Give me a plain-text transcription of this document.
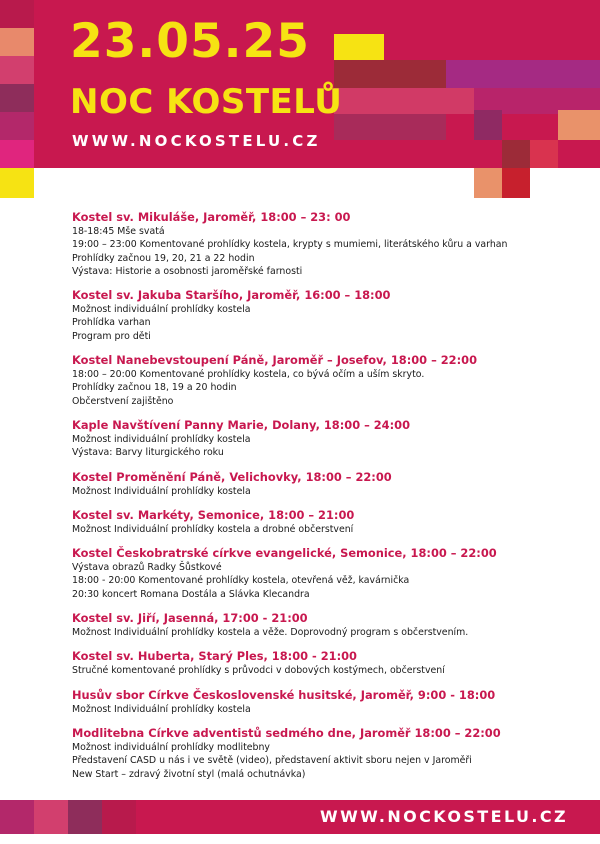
23.05.25
NOC KOSTELŮ
WWW.NOCKOSTELU.CZ
Kostel sv. Mikuláše, Jaroměř, 18:00 – 23: 00
18-18:45 Mše svatá
19:00 – 23:00 Komentované prohlídky kostela, krypty s mumiemi, literátského kůru a varhan
Prohlídky začnou 19, 20, 21 a 22 hodin
Výstava: Historie a osobnosti jaroměřské farnosti
Kostel sv. Jakuba Staršího, Jaroměř, 16:00 – 18:00
Možnost individuální prohlídky kostela
Prohlídka varhan
Program pro děti
Kostel Nanebevstoupení Páně, Jaroměř – Josefov, 18:00 – 22:00
18:00 – 20:00 Komentované prohlídky kostela, co bývá očím a uším skryto.
Prohlídky začnou 18, 19 a 20 hodin
Občerstvení zajištěno
Kaple Navštívení Panny Marie, Dolany, 18:00 – 24:00
Možnost individuální prohlídky kostela
Výstava: Barvy liturgického roku
Kostel Proměnění Páně, Velichovky, 18:00 – 22:00
Možnost Individuální prohlídky kostela
Kostel sv. Markéty, Semonice, 18:00 – 21:00
Možnost Individuální prohlídky kostela a drobné občerstvení
Kostel Českobratrské církve evangelické, Semonice, 18:00 – 22:00
Výstava obrazů Radky Šůstkové
18:00 - 20:00 Komentované prohlídky kostela, otevřená věž, kavárnička
20:30 koncert Romana Dostála a Slávka Klecandra
Kostel sv. Jiří, Jasenná, 17:00 - 21:00
Možnost Individuální prohlídky kostela a věže. Doprovodný program s občerstvením.
Kostel sv. Huberta, Starý Ples, 18:00 - 21:00
Stručné komentované prohlídky s průvodci v dobových kostýmech, občerstvení
Husův sbor Církve Československé husitské, Jaroměř, 9:00 - 18:00
Možnost Individuální prohlídky kostela
Modlitebna Církve adventistů sedmého dne, Jaroměř 18:00 – 22:00
Možnost individuální prohlídky modlitebny
Představení CASD u nás i ve světě (video), představení aktivit sboru nejen v Jaroměři
New Start – zdravý životní styl (malá ochutnávka)
WWW.NOCKOSTELU.CZ
